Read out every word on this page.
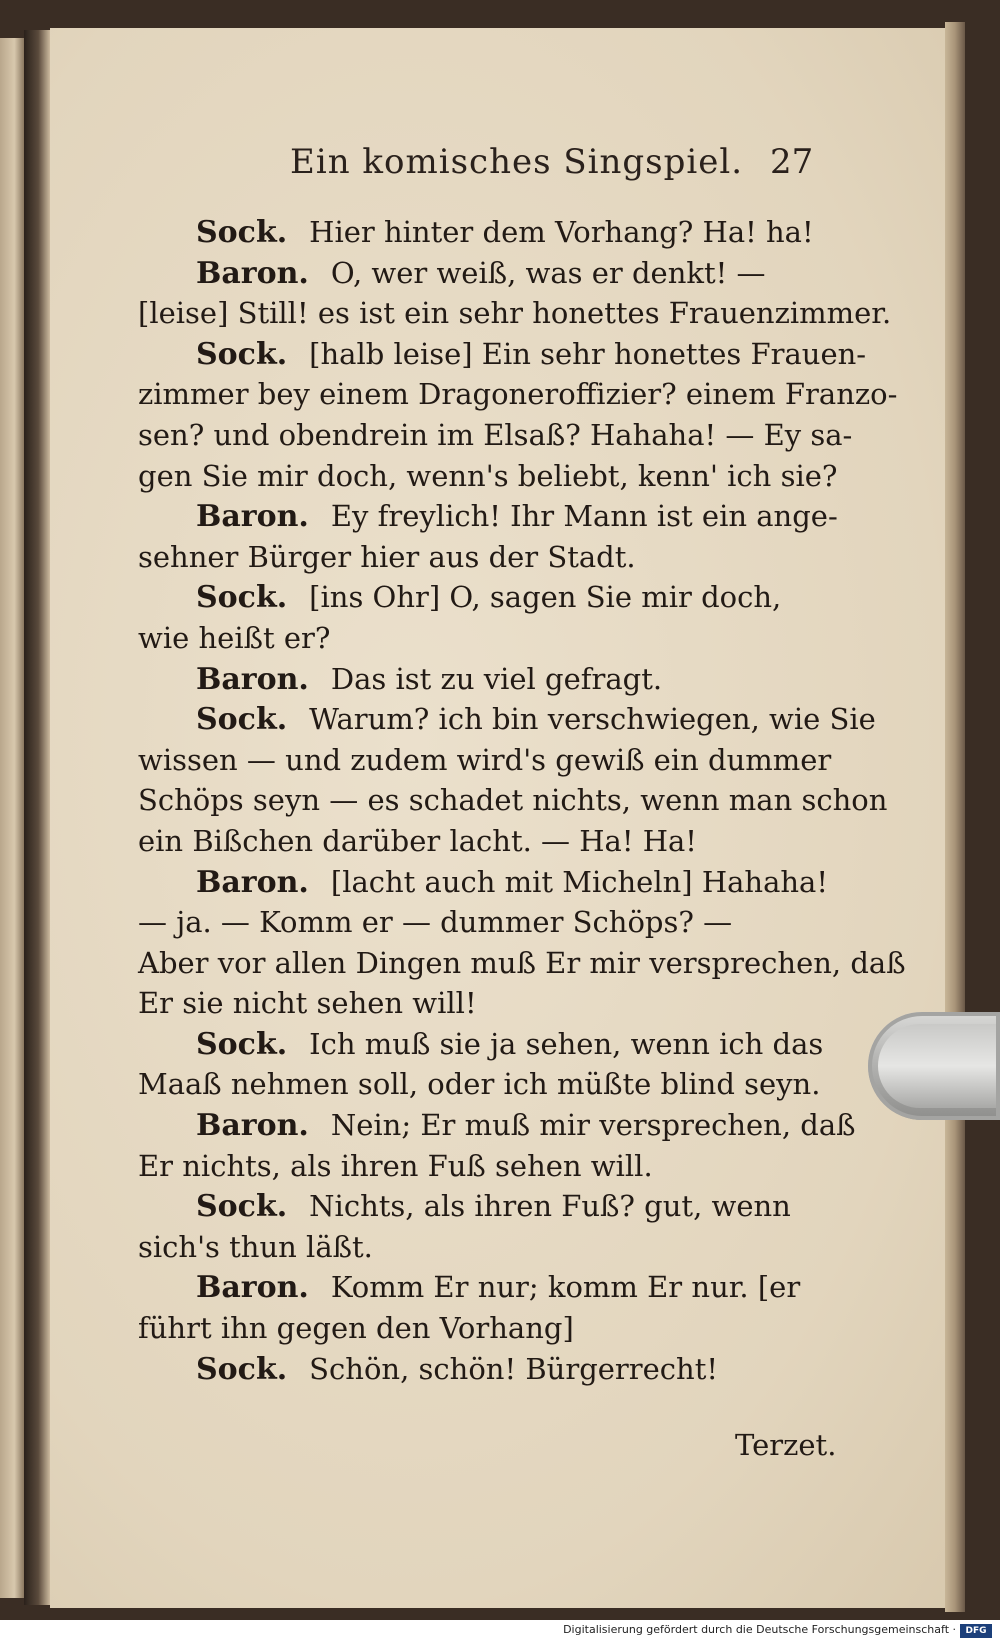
Ein komisches Singspiel. 27
Sock. Hier hinter dem Vorhang? Ha! ha!
Baron. O, wer weiß, was er denkt! —
[leise] Still! es ist ein sehr honettes Frauenzimmer.
Sock. [halb leise] Ein sehr honettes Frauen-
zimmer bey einem Dragoneroffizier? einem Franzo-
sen? und obendrein im Elsaß? Hahaha! — Ey sa-
gen Sie mir doch, wenn's beliebt, kenn' ich sie?
Baron. Ey freylich! Ihr Mann ist ein ange-
sehner Bürger hier aus der Stadt.
Sock. [ins Ohr] O, sagen Sie mir doch,
wie heißt er?
Baron. Das ist zu viel gefragt.
Sock. Warum? ich bin verschwiegen, wie Sie
wissen — und zudem wird's gewiß ein dummer
Schöps seyn — es schadet nichts, wenn man schon
ein Bißchen darüber lacht. — Ha! Ha!
Baron. [lacht auch mit Micheln] Hahaha!
— ja. — Komm er — dummer Schöps? —
Aber vor allen Dingen muß Er mir versprechen, daß
Er sie nicht sehen will!
Sock. Ich muß sie ja sehen, wenn ich das
Maaß nehmen soll, oder ich müßte blind seyn.
Baron. Nein; Er muß mir versprechen, daß
Er nichts, als ihren Fuß sehen will.
Sock. Nichts, als ihren Fuß? gut, wenn
sich's thun läßt.
Baron. Komm Er nur; komm Er nur. [er
führt ihn gegen den Vorhang]
Sock. Schön, schön! Bürgerrecht!
Terzet.
Digitalisierung gefördert durch die Deutsche Forschungsgemeinschaft ·	DFG
